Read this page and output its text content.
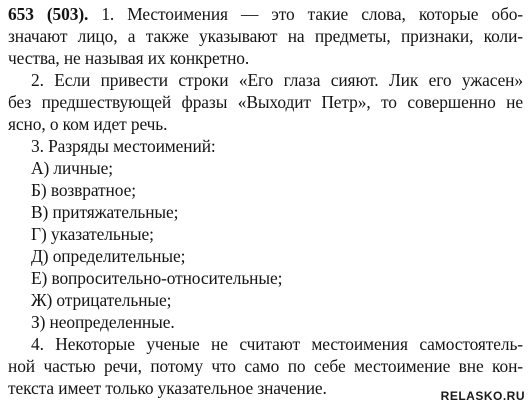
653 (503). 1. Местоимения — это такие слова, которые обо-
значают лицо, а также указывают на предметы, признаки, коли-
чества, не называя их конкретно.
2. Если привести строки «Его глаза сияют. Лик его ужасен»
без предшествующей фразы «Выходит Петр», то совершенно не
ясно, о ком идет речь.
3. Разряды местоимений:
А) личные;
Б) возвратное;
В) притяжательные;
Г) указательные;
Д) определительные;
Е) вопросительно-относительные;
Ж) отрицательные;
З) неопределенные.
4. Некоторые ученые не считают местоимения самостоятель-
ной частью речи, потому что само по себе местоимение вне кон-
текста имеет только указательное значение.	RELASKO.RU
